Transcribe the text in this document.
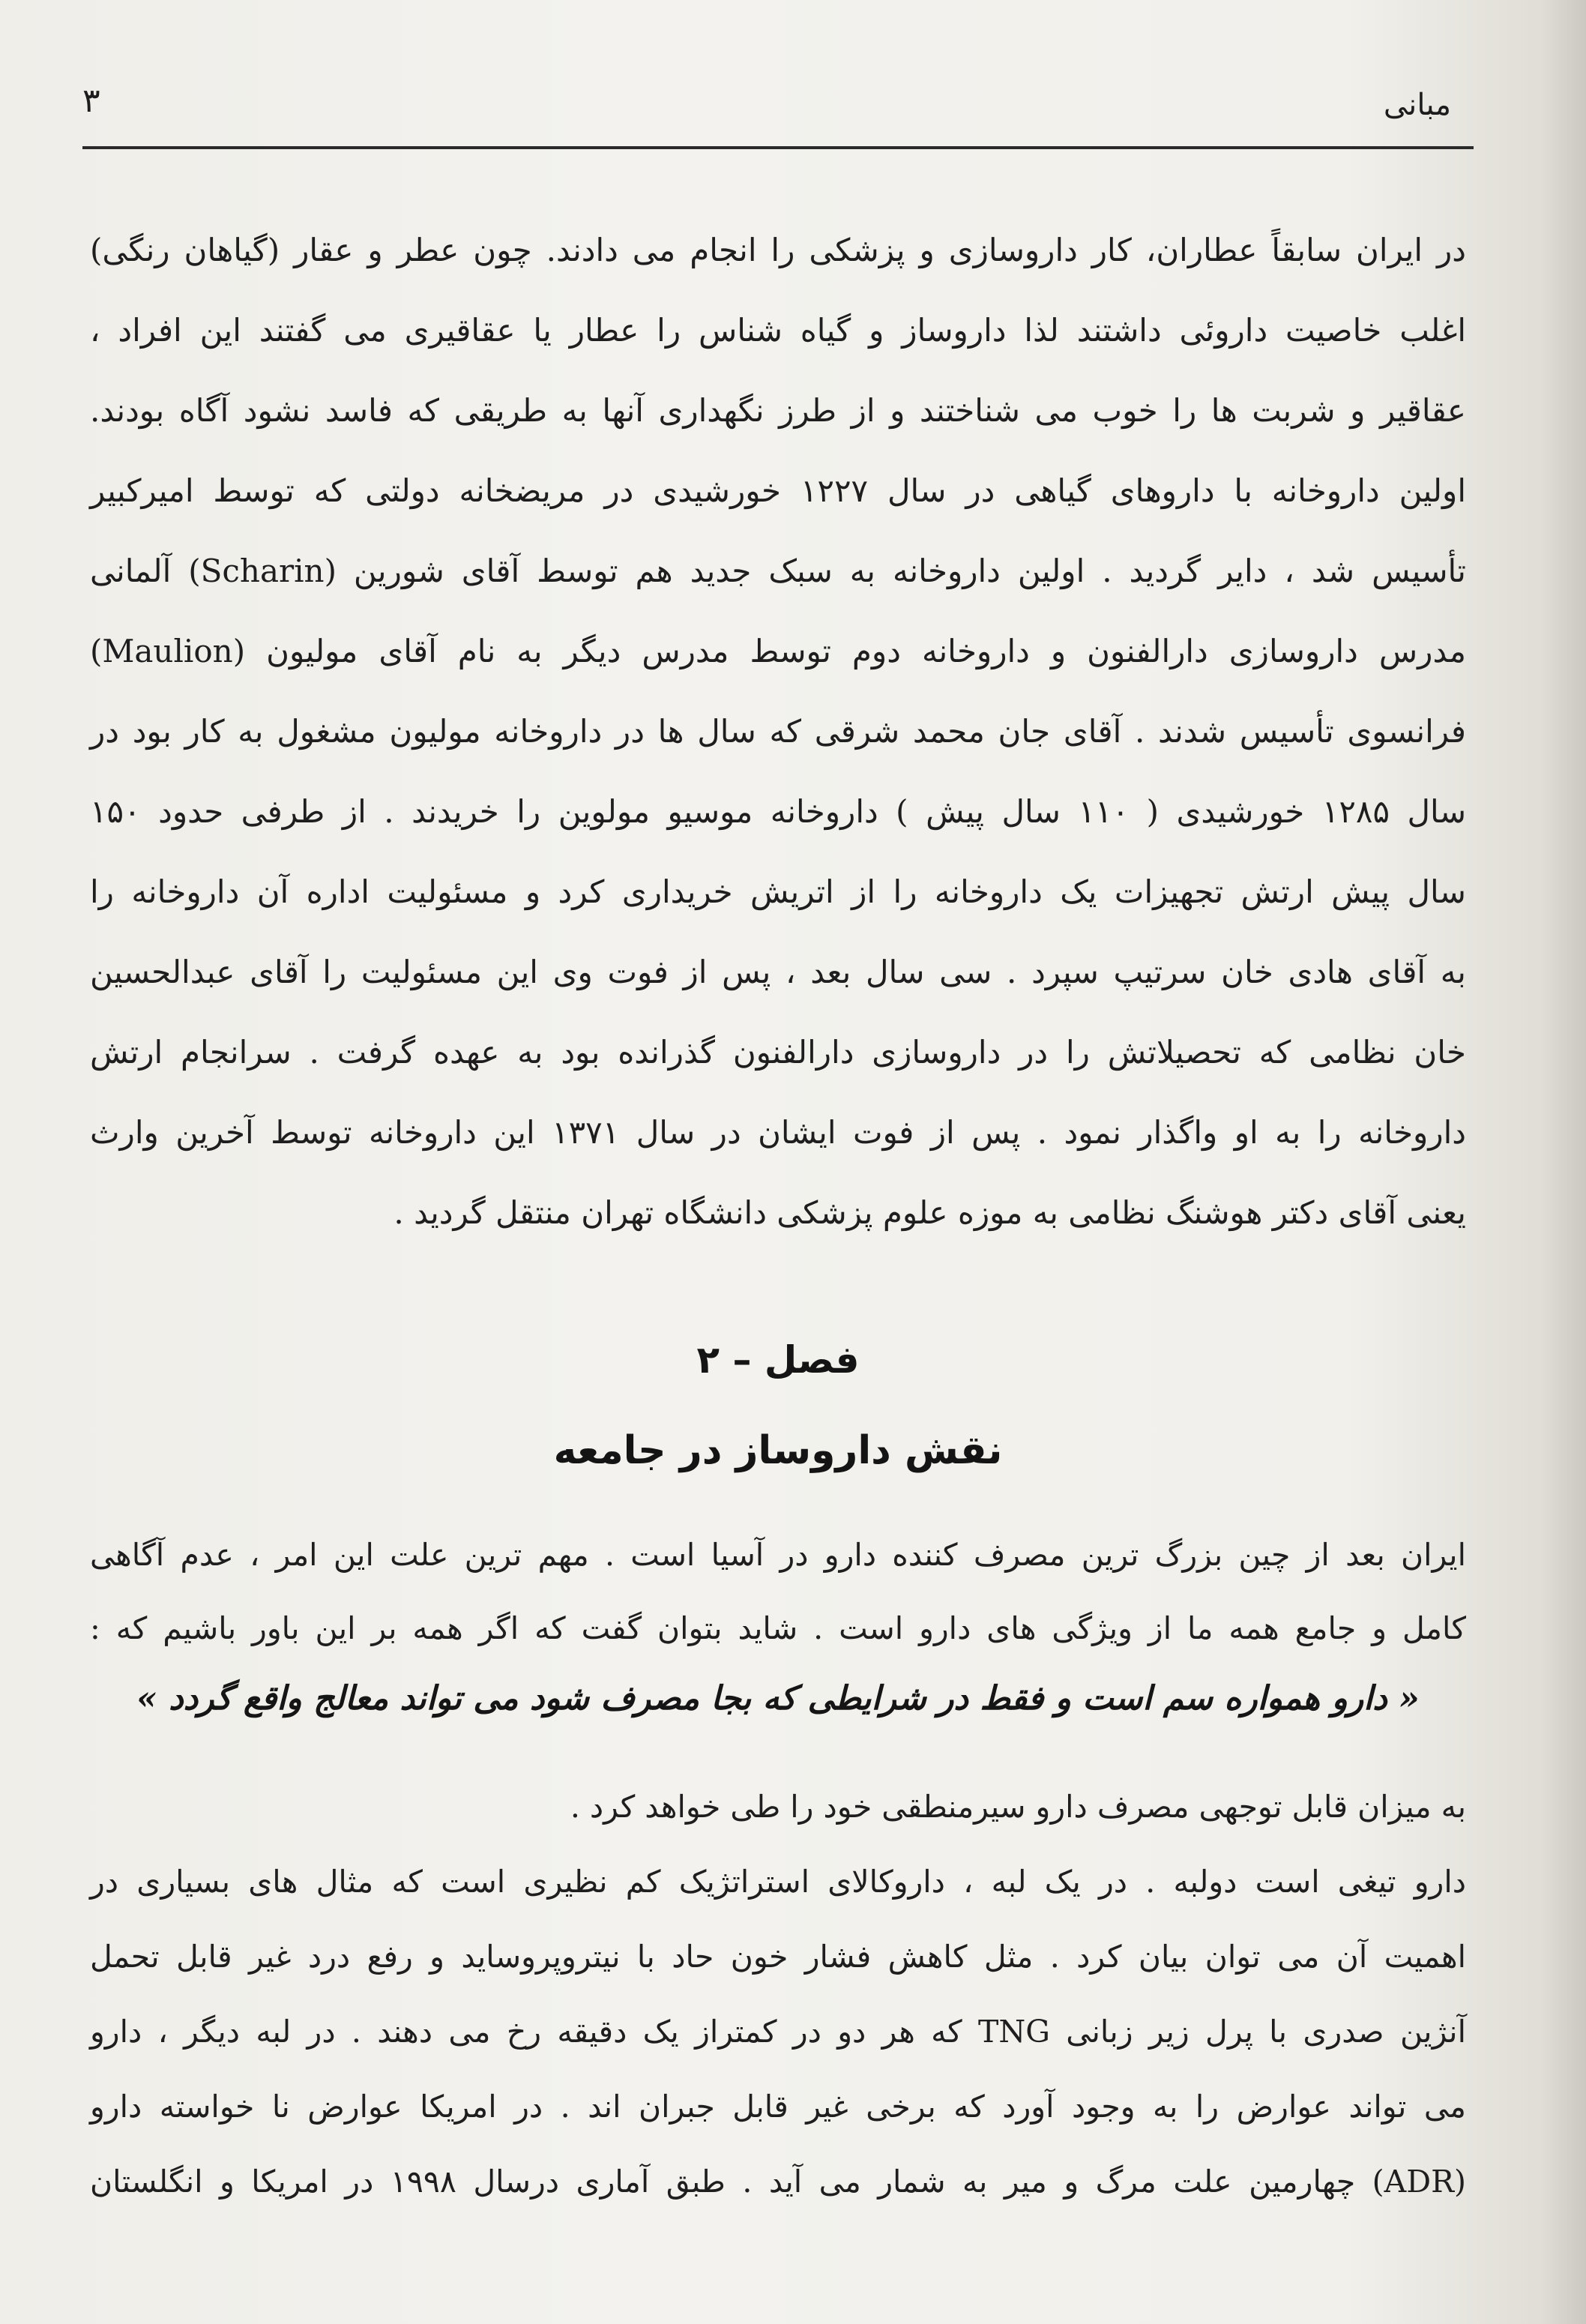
مبانی
۳

در ایران سابقاً عطاران، کار داروسازی و پزشکی را انجام می دادند. چون عطر و عقار (گیاهان رنگی)

اغلب خاصیت داروئی داشتند لذا داروساز و گیاه شناس را عطار یا عقاقیری می گفتند این افراد ،

عقاقیر و شربت ها را خوب می شناختند و از طرز نگهداری آنها به طریقی که فاسد نشود آگاه بودند.

اولین داروخانه با داروهای گیاهی در سال ۱۲۲۷ خورشیدی در مریضخانه دولتی که توسط امیرکبیر

تأسیس شد ، دایر گردید . اولین داروخانه به سبک جدید هم توسط آقای شورین (Scharin) آلمانی

مدرس داروسازی دارالفنون و داروخانه دوم توسط مدرس دیگر به نام آقای مولیون (Maulion)

فرانسوی تأسیس شدند . آقای جان محمد شرقی که سال ها در داروخانه مولیون مشغول به کار بود در

سال ۱۲۸۵ خورشیدی ( ۱۱۰ سال پیش ) داروخانه موسیو مولوین را خریدند . از طرفی حدود ۱۵۰

سال پیش ارتش تجهیزات یک داروخانه را از اتریش خریداری کرد و مسئولیت اداره آن داروخانه را

به آقای هادی خان سرتیپ سپرد . سی سال بعد ، پس از فوت وی این مسئولیت را آقای عبدالحسین

خان نظامی که تحصیلاتش را در داروسازی دارالفنون گذرانده بود به عهده گرفت . سرانجام ارتش

داروخانه را به او واگذار نمود . پس از فوت ایشان در سال ۱۳۷۱ این داروخانه توسط آخرین وارث

یعنی آقای دکتر هوشنگ نظامی به موزه علوم پزشکی دانشگاه تهران منتقل گردید .

فصل – ۲
نقش داروساز در جامعه

ایران بعد از چین بزرگ ترین مصرف کننده دارو در آسیا است . مهم ترین علت این امر ، عدم آگاهی

کامل و جامع همه ما از ویژگی های دارو است . شاید بتوان گفت که اگر همه بر این باور باشیم که :

« دارو همواره سم است و فقط در شرایطی که بجا مصرف شود می تواند معالج واقع گردد »

به میزان قابل توجهی مصرف دارو سیرمنطقی خود را طی خواهد کرد .

دارو تیغی است دولبه . در یک لبه ، داروکالای استراتژیک کم نظیری است که مثال های بسیاری در

اهمیت آن می توان بیان کرد . مثل کاهش فشار خون حاد با نیتروپروساید و رفع درد غیر قابل تحمل

آنژین صدری با پرل زیر زبانی TNG که هر دو در کمتراز یک دقیقه رخ می دهند . در لبه دیگر ، دارو

می تواند عوارض را به وجود آورد که برخی غیر قابل جبران اند . در امریکا عوارض نا خواسته دارو

(ADR) چهارمین علت مرگ و میر به شمار می آید . طبق آماری درسال ۱۹۹۸ در امریکا و انگلستان
